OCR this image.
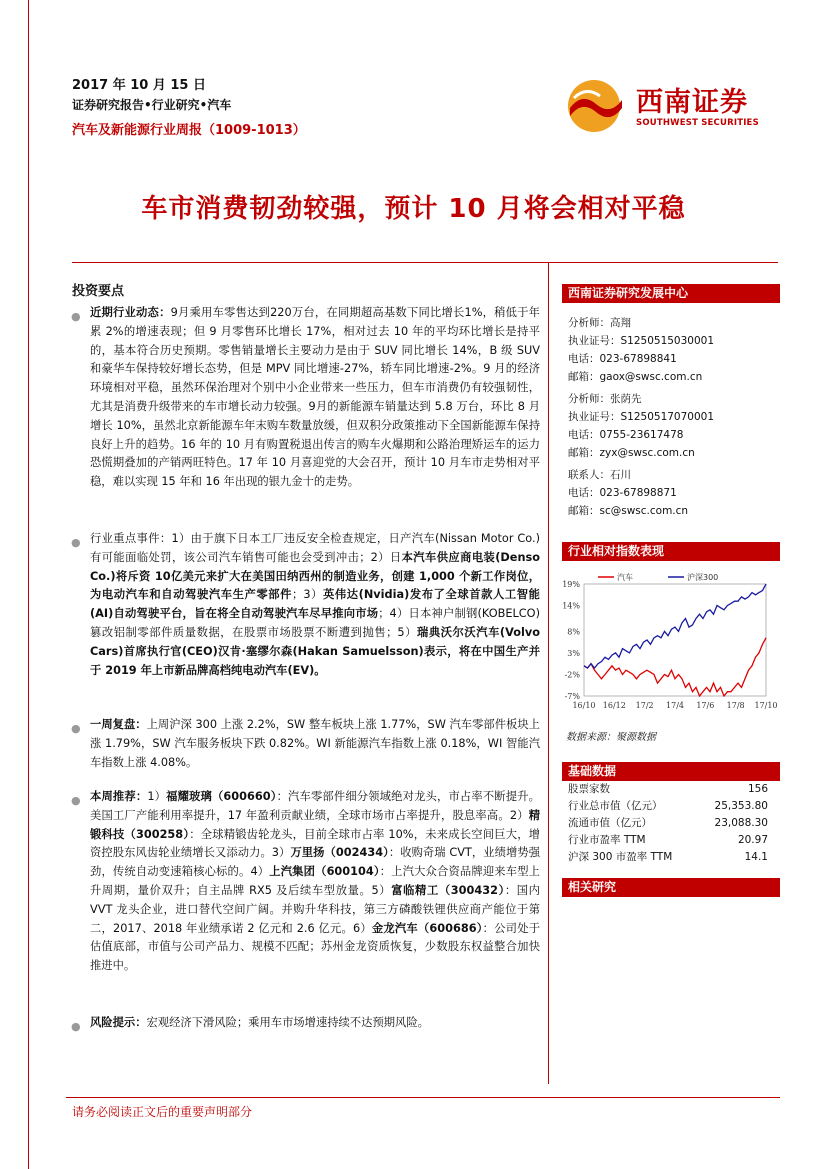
2017 年 10 月 15 日
证券研究报告•行业研究•汽车
汽车及新能源行业周报（1009-1013）
西南证券
SOUTHWEST SECURITIES
车市消费韧劲较强，预计 10 月将会相对平稳
投资要点
● 近期行业动态：9月乘用车零售达到220万台，在同期超高基数下同比增长1%，稍低于年累 2%的增速表现；但 9 月零售环比增长 17%，相对过去 10 年的平均环比增长是持平的，基本符合历史预期。零售销量增长主要动力是由于 SUV 同比增长 14%，B 级 SUV 和豪华车保持较好增长态势，但是 MPV 同比增速-27%，轿车同比增速-2%。9 月的经济环境相对平稳，虽然环保治理对个别中小企业带来一些压力，但车市消费仍有较强韧性，尤其是消费升级带来的车市增长动力较强。9月的新能源车销量达到 5.8 万台，环比 8 月增长 10%，虽然北京新能源车年末购车数量放缓，但双积分政策推动下全国新能源车保持良好上升的趋势。16 年的 10 月有购置税退出传言的购车火爆期和公路治理矫运车的运力恐慌期叠加的产销两旺特色。17 年 10 月喜迎党的大会召开，预计 10 月车市走势相对平稳，难以实现 15 年和 16 年出现的银九金十的走势。

● 行业重点事件：1）由于旗下日本工厂违反安全检查规定，日产汽车(Nissan Motor Co.)有可能面临处罚，该公司汽车销售可能也会受到冲击；2）日本汽车供应商电装(Denso Co.)将斥资 10亿美元来扩大在美国田纳西州的制造业务，创建 1,000 个新工作岗位，为电动汽车和自动驾驶汽车生产零部件；3）英伟达(Nvidia)发布了全球首款人工智能(AI)自动驾驶平台，旨在将全自动驾驶汽车尽早推向市场；4）日本神户制钢(KOBELCO)篡改铝制零部件质量数据，在股票市场股票不断遭到抛售；5）瑞典沃尔沃汽车(Volvo Cars)首席执行官(CEO)汉肯·塞缪尔森(Hakan Samuelsson)表示，将在中国生产并于 2019 年上市新品牌高档纯电动汽车(EV)。

● 一周复盘：上周沪深 300 上涨 2.2%，SW 整车板块上涨 1.77%，SW 汽车零部件板块上涨 1.79%，SW 汽车服务板块下跌 0.82%。WI 新能源汽车指数上涨 0.18%，WI 智能汽车指数上涨 4.08%。

● 本周推荐：1）福耀玻璃（600660）：汽车零部件细分领域绝对龙头，市占率不断提升。美国工厂产能利用率提升，17 年盈利贡献业绩，全球市场市占率提升，股息率高。2）精锻科技（300258）：全球精锻齿轮龙头，目前全球市占率 10%，未来成长空间巨大，增资控股东风齿轮业绩增长又添动力。3）万里扬（002434）：收购奇瑞 CVT，业绩增势强劲，传统自动变速箱核心标的。4）上汽集团（600104）：上汽大众合资品牌迎来车型上升周期，量价双升；自主品牌 RX5 及后续车型放量。5）富临精工（300432）：国内 VVT 龙头企业，进口替代空间广阔。并购升华科技，第三方磷酸铁锂供应商产能位于第二，2017、2018 年业绩承诺 2 亿元和 2.6 亿元。6）金龙汽车（600686）：公司处于估值底部，市值与公司产品力、规模不匹配；苏州金龙资质恢复，少数股东权益整合加快推进中。

● 风险提示：宏观经济下滑风险；乘用车市场增速持续不达预期风险。

西南证券研究发展中心
分析师：高翔
执业证号：S1250515030001
电话：023-67898841
邮箱：gaox@swsc.com.cn
分析师：张荫先
执业证号：S1250517070001
电话：0755-23617478
邮箱：zyx@swsc.com.cn
联系人：石川
电话：023-67898871
邮箱：sc@swsc.com.cn
行业相对指数表现
19%
14%
8%
3%
-2%
-7%
16/10 16/12 17/2 17/4 17/6 17/8 17/10
汽车	沪深300
数据来源：聚源数据
基础数据
股票家数	156
行业总市值（亿元）	25,353.80
流通市值（亿元）	23,088.30
行业市盈率 TTM	20.97
沪深 300 市盈率 TTM	14.1
相关研究
请务必阅读正文后的重要声明部分
